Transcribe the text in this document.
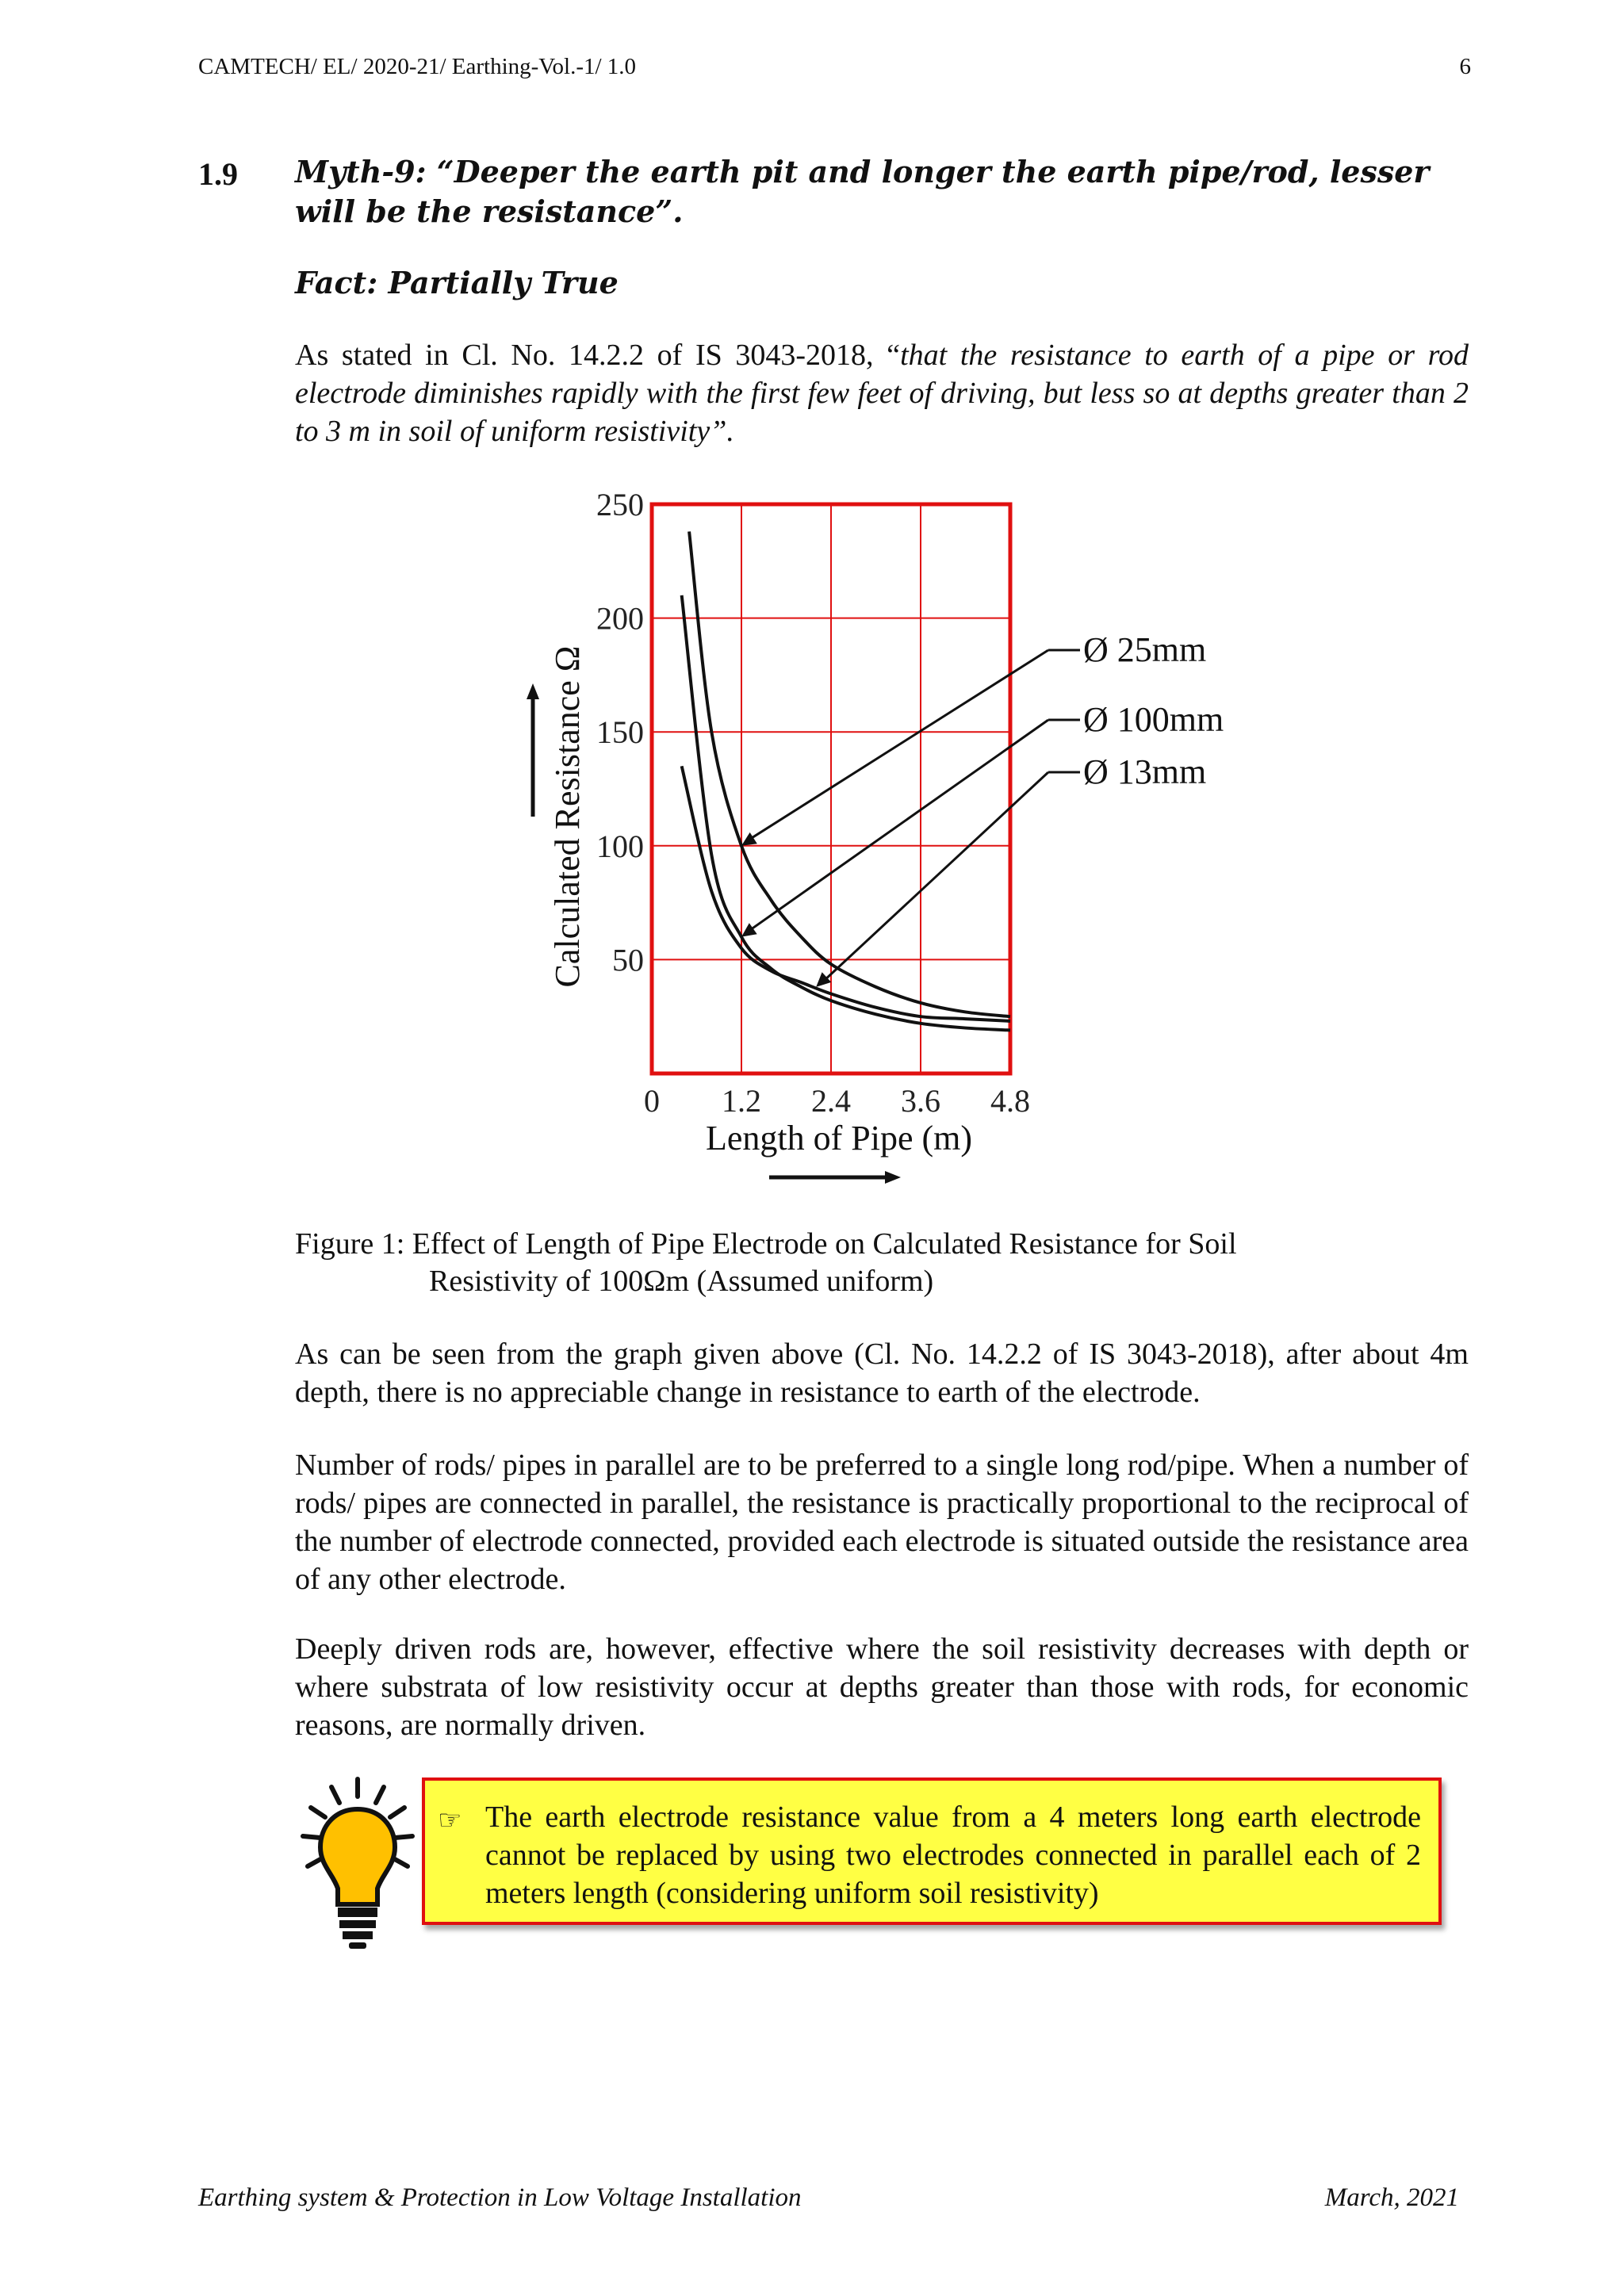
CAMTECH/ EL/ 2020-21/ Earthing-Vol.-1/ 1.0	6
1.9 Myth-9: “Deeper the earth pit and longer the earth pipe/rod, lesser will be the resistance”.
Fact: Partially True
As stated in Cl. No. 14.2.2 of IS 3043-2018, “that the resistance to earth of a pipe or rod electrode diminishes rapidly with the first few feet of driving, but less so at depths greater than 2 to 3 m in soil of uniform resistivity”.
50
100
150
200
250
0 1.2 2.4 3.6 4.8
Ø 25mm
Ø 100mm
Ø 13mm
Calculated Resistance Ω
Length of Pipe (m)
Figure 1: Effect of Length of Pipe Electrode on Calculated Resistance for Soil
Resistivity of 100Ωm (Assumed uniform)
As can be seen from the graph given above (Cl. No. 14.2.2 of IS 3043-2018), after about 4m depth, there is no appreciable change in resistance to earth of the electrode.
Number of rods/ pipes in parallel are to be preferred to a single long rod/pipe. When a number of rods/ pipes are connected in parallel, the resistance is practically proportional to the reciprocal of the number of electrode connected, provided each electrode is situated outside the resistance area of any other electrode.
Deeply driven rods are, however, effective where the soil resistivity decreases with depth or where substrata of low resistivity occur at depths greater than those with rods, for economic reasons, are normally driven.
☞ The earth electrode resistance value from a 4 meters long earth electrode cannot be replaced by using two electrodes connected in parallel each of 2 meters length (considering uniform soil resistivity)
Earthing system & Protection in Low Voltage Installation	March, 2021
